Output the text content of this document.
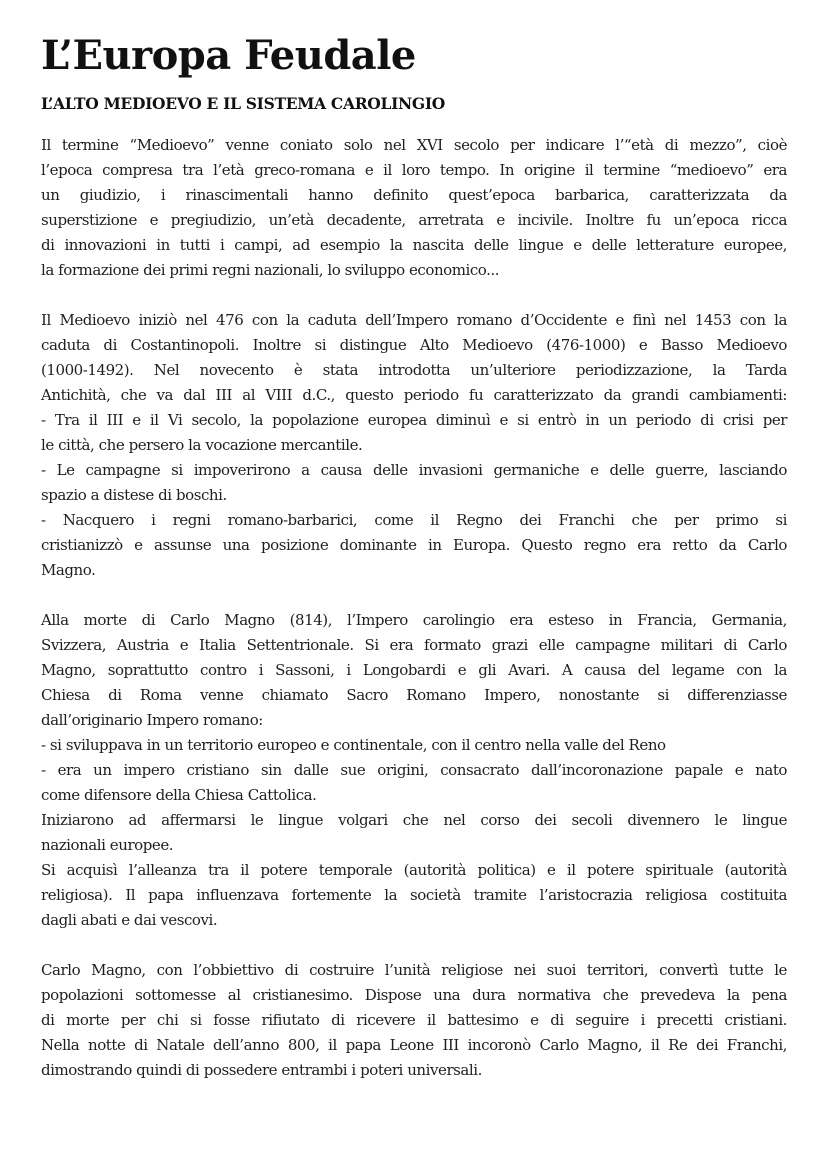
L’Europa Feudale
L’ALTO MEDIOEVO E IL SISTEMA CAROLINGIO
Il termine “Medioevo” venne coniato solo nel XVI secolo per indicare l’“età di mezzo”, cioè
l’epoca compresa tra l’età greco-romana e il loro tempo. In origine il termine “medioevo” era
un giudizio, i rinascimentali hanno definito quest’epoca barbarica, caratterizzata da
superstizione e pregiudizio, un’età decadente, arretrata e incivile. Inoltre fu un’epoca ricca
di innovazioni in tutti i campi, ad esempio la nascita delle lingue e delle letterature europee,
la formazione dei primi regni nazionali, lo sviluppo economico...
Il Medioevo iniziò nel 476 con la caduta dell’Impero romano d’Occidente e finì nel 1453 con la
caduta di Costantinopoli. Inoltre si distingue Alto Medioevo (476-1000) e Basso Medioevo
(1000-1492). Nel novecento è stata introdotta un’ulteriore periodizzazione, la Tarda
Antichità, che va dal III al VIII d.C., questo periodo fu caratterizzato da grandi cambiamenti:
- Tra il III e il Vi secolo, la popolazione europea diminuì e si entrò in un periodo di crisi per
le città, che persero la vocazione mercantile.
- Le campagne si impoverirono a causa delle invasioni germaniche e delle guerre, lasciando
spazio a distese di boschi.
- Nacquero i regni romano-barbarici, come il Regno dei Franchi che per primo si
cristianizzò e assunse una posizione dominante in Europa. Questo regno era retto da Carlo
Magno.
Alla morte di Carlo Magno (814), l’Impero carolingio era esteso in Francia, Germania,
Svizzera, Austria e Italia Settentrionale. Si era formato grazi elle campagne militari di Carlo
Magno, soprattutto contro i Sassoni, i Longobardi e gli Avari. A causa del legame con la
Chiesa di Roma venne chiamato Sacro Romano Impero, nonostante si differenziasse
dall’originario Impero romano:
- si sviluppava in un territorio europeo e continentale, con il centro nella valle del Reno
- era un impero cristiano sin dalle sue origini, consacrato dall’incoronazione papale e nato
come difensore della Chiesa Cattolica.
Iniziarono ad affermarsi le lingue volgari che nel corso dei secoli divennero le lingue
nazionali europee.
Si acquisì l’alleanza tra il potere temporale (autorità politica) e il potere spirituale (autorità
religiosa). Il papa influenzava fortemente la società tramite l’aristocrazia religiosa costituita
dagli abati e dai vescovi.
Carlo Magno, con l’obbiettivo di costruire l’unità religiose nei suoi territori, convertì tutte le
popolazioni sottomesse al cristianesimo. Dispose una dura normativa che prevedeva la pena
di morte per chi si fosse rifiutato di ricevere il battesimo e di seguire i precetti cristiani.
Nella notte di Natale dell’anno 800, il papa Leone III incoronò Carlo Magno, il Re dei Franchi,
dimostrando quindi di possedere entrambi i poteri universali.
